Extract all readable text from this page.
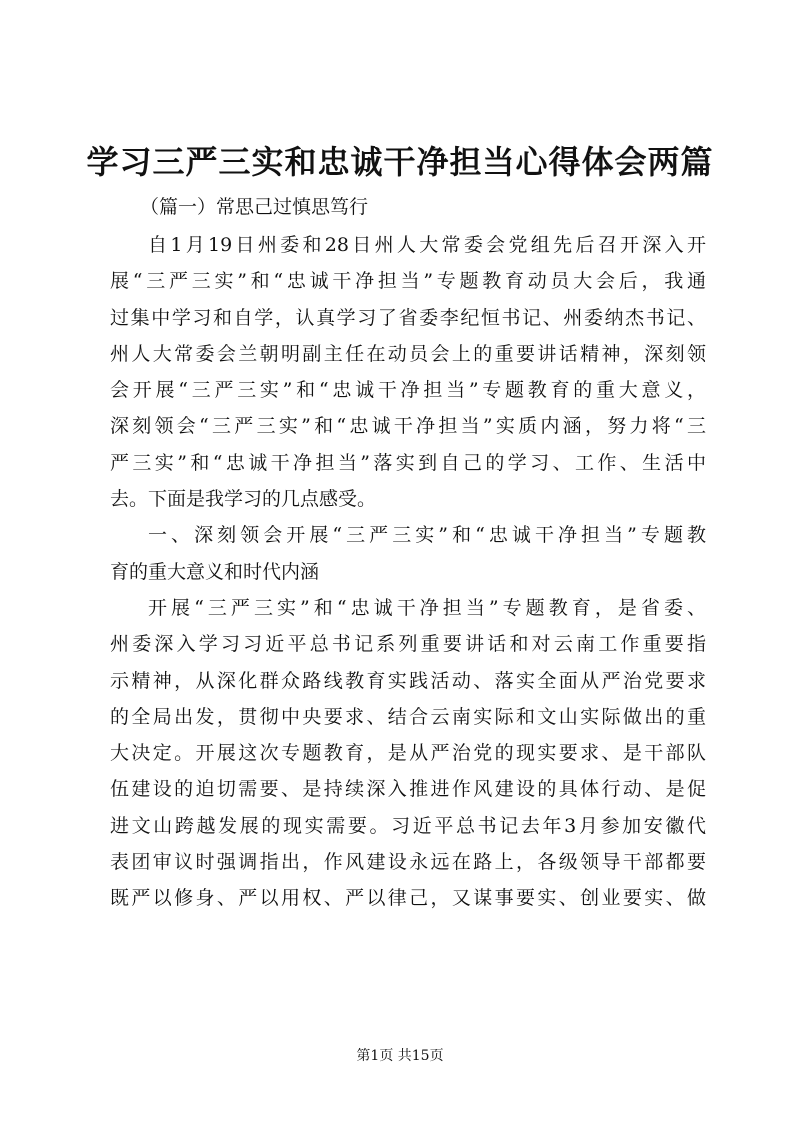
学习三严三实和忠诚干净担当心得体会两篇

（篇一）常思己过慎思笃行

自1月19日州委和28日州人大常委会党组先后召开深入开
展“三严三实”和“忠诚干净担当”专题教育动员大会后，我通
过集中学习和自学，认真学习了省委李纪恒书记、州委纳杰书记、
州人大常委会兰朝明副主任在动员会上的重要讲话精神，深刻领
会开展“三严三实”和“忠诚干净担当”专题教育的重大意义，
深刻领会“三严三实”和“忠诚干净担当”实质内涵，努力将“三
严三实”和“忠诚干净担当”落实到自己的学习、工作、生活中
去。下面是我学习的几点感受。
一、深刻领会开展“三严三实”和“忠诚干净担当”专题教
育的重大意义和时代内涵
开展“三严三实”和“忠诚干净担当”专题教育，是省委、
州委深入学习习近平总书记系列重要讲话和对云南工作重要指
示精神，从深化群众路线教育实践活动、落实全面从严治党要求
的全局出发，贯彻中央要求、结合云南实际和文山实际做出的重
大决定。开展这次专题教育，是从严治党的现实要求、是干部队
伍建设的迫切需要、是持续深入推进作风建设的具体行动、是促
进文山跨越发展的现实需要。习近平总书记去年3月参加安徽代
表团审议时强调指出，作风建设永远在路上，各级领导干部都要
既严以修身、严以用权、严以律己，又谋事要实、创业要实、做
第1页 共15页
